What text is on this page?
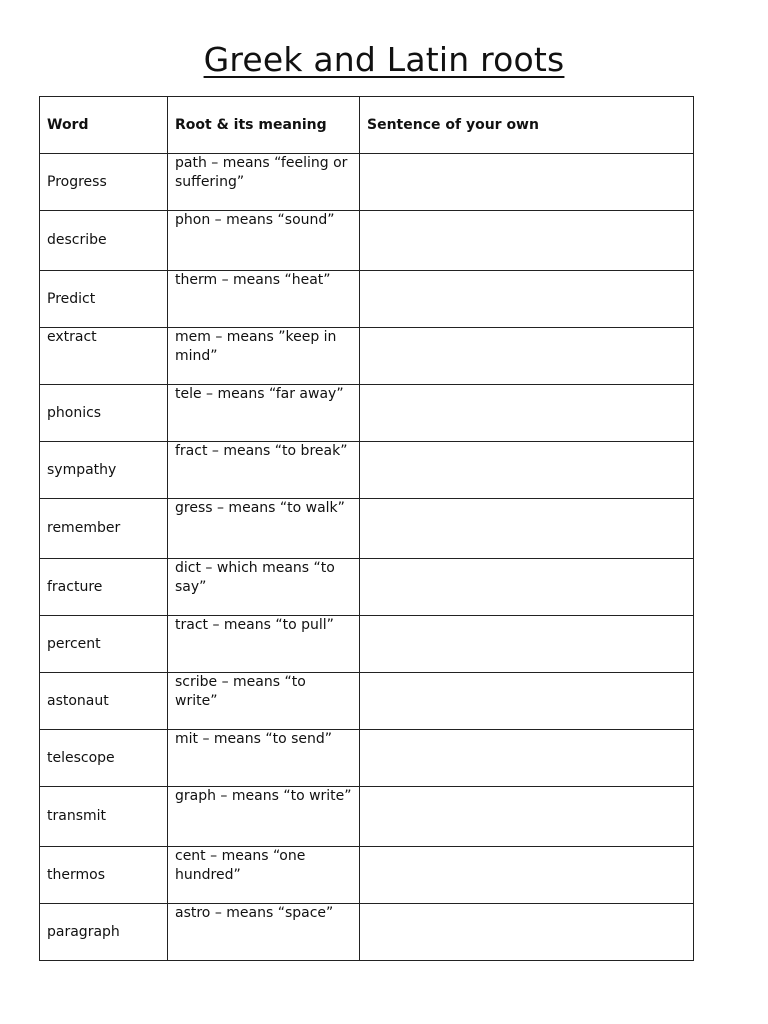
Greek and Latin roots
Word	Root & its meaning	Sentence of your own
Progress	path – means “feeling or
suffering”	
describe	phon – means “sound”	
Predict	therm – means “heat”	
extract	mem – means ”keep in mind”	
phonics	tele – means “far away”	
sympathy	fract – means “to break”	
remember	gress – means “to walk”	
fracture	dict – which means “to say”	
percent	tract – means “to pull”	
astonaut	scribe – means “to write”	
telescope	mit – means “to send”	
transmit	graph – means “to write”	
thermos	cent – means “one hundred”	
paragraph	astro – means “space”	
